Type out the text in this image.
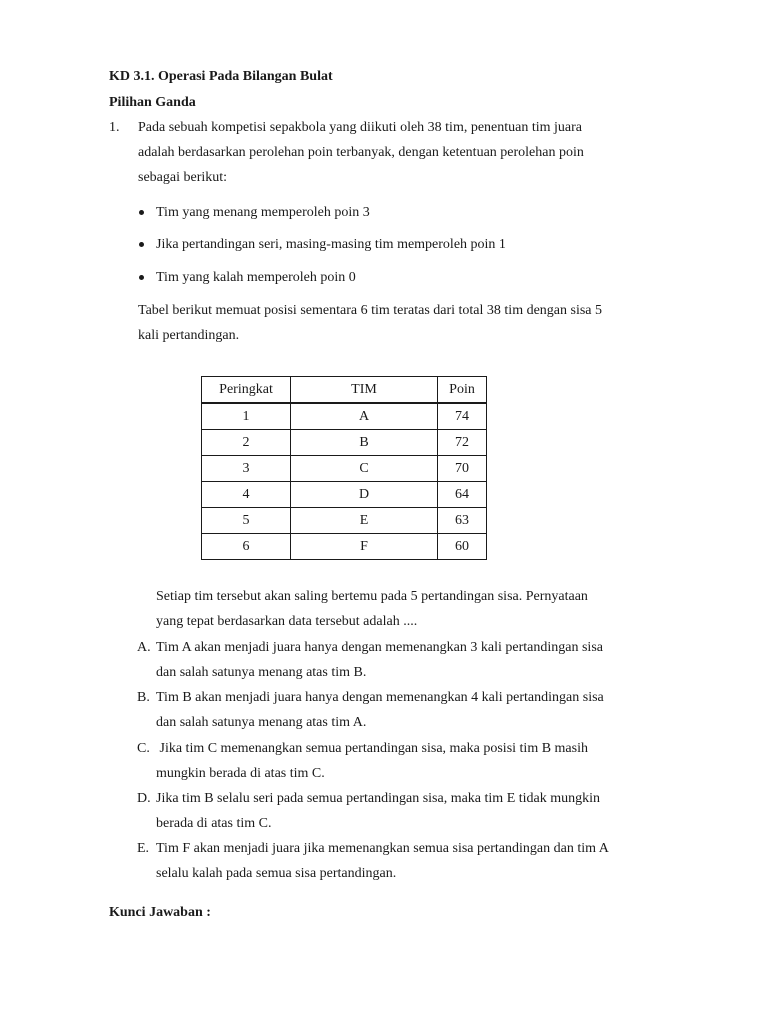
KD 3.1. Operasi Pada Bilangan Bulat
Pilihan Ganda
1. Pada sebuah kompetisi sepakbola yang diikuti oleh 38 tim, penentuan tim juara
adalah berdasarkan perolehan poin terbanyak, dengan ketentuan perolehan poin
sebagai berikut:
Tim yang menang memperoleh poin 3
Jika pertandingan seri, masing-masing tim memperoleh poin 1
Tim yang kalah memperoleh poin 0
Tabel berikut memuat posisi sementara 6 tim teratas dari total 38 tim dengan sisa 5
kali pertandingan.
Peringkat	TIM	Poin
1	A	74
2	B	72
3	C	70
4	D	64
5	E	63
6	F	60
Setiap tim tersebut akan saling bertemu pada 5 pertandingan sisa. Pernyataan
yang tepat berdasarkan data tersebut adalah ....
A. Tim A akan menjadi juara hanya dengan memenangkan 3 kali pertandingan sisa
dan salah satunya menang atas tim B.
B. Tim B akan menjadi juara hanya dengan memenangkan 4 kali pertandingan sisa
dan salah satunya menang atas tim A.
C. Jika tim C memenangkan semua pertandingan sisa, maka posisi tim B masih
mungkin berada di atas tim C.
D. Jika tim B selalu seri pada semua pertandingan sisa, maka tim E tidak mungkin
berada di atas tim C.
E. Tim F akan menjadi juara jika memenangkan semua sisa pertandingan dan tim A
selalu kalah pada semua sisa pertandingan.
Kunci Jawaban :
